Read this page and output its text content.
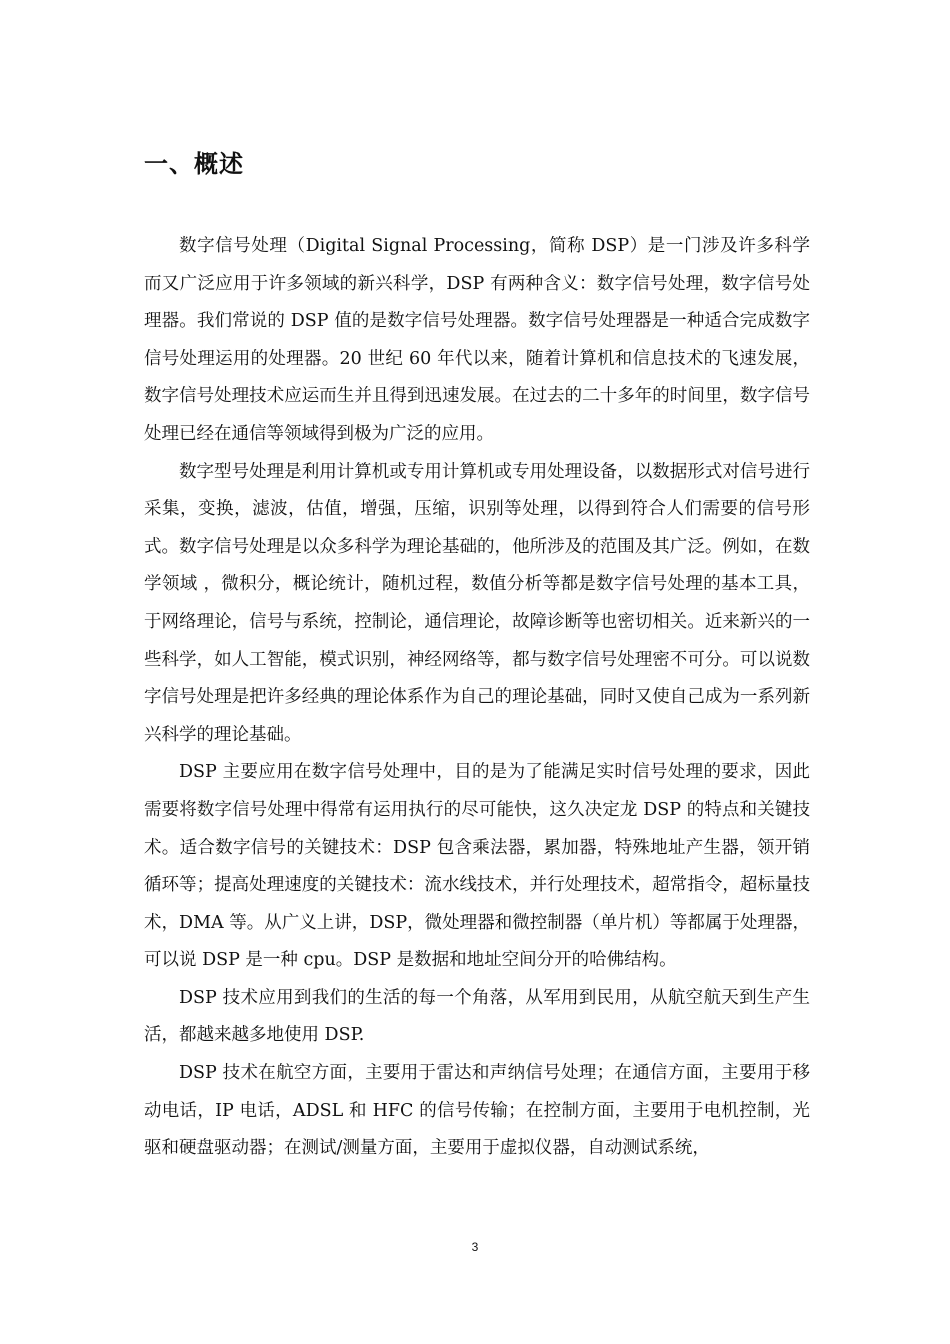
一、概述

数字信号处理（Digital Signal Processing，简称 DSP）是一门涉及许多科学而又广泛应用于许多领域的新兴科学，DSP 有两种含义：数字信号处理，数字信号处理器。我们常说的 DSP 值的是数字信号处理器。数字信号处理器是一种适合完成数字信号处理运用的处理器。20 世纪 60 年代以来，随着计算机和信息技术的飞速发展，数字信号处理技术应运而生并且得到迅速发展。在过去的二十多年的时间里，数字信号处理已经在通信等领域得到极为广泛的应用。

数字型号处理是利用计算机或专用计算机或专用处理设备，以数据形式对信号进行采集，变换，滤波，估值，增强，压缩，识别等处理，以得到符合人们需要的信号形式。数字信号处理是以众多科学为理论基础的，他所涉及的范围及其广泛。例如，在数学领域 ，微积分，概论统计，随机过程，数值分析等都是数字信号处理的基本工具，于网络理论，信号与系统，控制论，通信理论，故障诊断等也密切相关。近来新兴的一些科学，如人工智能，模式识别，神经网络等，都与数字信号处理密不可分。可以说数字信号处理是把许多经典的理论体系作为自己的理论基础，同时又使自己成为一系列新兴科学的理论基础。

DSP 主要应用在数字信号处理中，目的是为了能满足实时信号处理的要求，因此需要将数字信号处理中得常有运用执行的尽可能快，这久决定龙 DSP 的特点和关键技术。适合数字信号的关键技术：DSP 包含乘法器，累加器，特殊地址产生器，领开销循环等；提高处理速度的关键技术：流水线技术，并行处理技术，超常指令，超标量技术，DMA 等。从广义上讲，DSP，微处理器和微控制器（单片机）等都属于处理器，可以说 DSP 是一种 cpu。DSP 是数据和地址空间分开的哈佛结构。

DSP 技术应用到我们的生活的每一个角落，从军用到民用，从航空航天到生产生活，都越来越多地使用 DSP.

DSP 技术在航空方面，主要用于雷达和声纳信号处理；在通信方面，主要用于移动电话，IP 电话，ADSL 和 HFC 的信号传输；在控制方面，主要用于电机控制，光驱和硬盘驱动器；在测试/测量方面，主要用于虚拟仪器，自动测试系统，

3
